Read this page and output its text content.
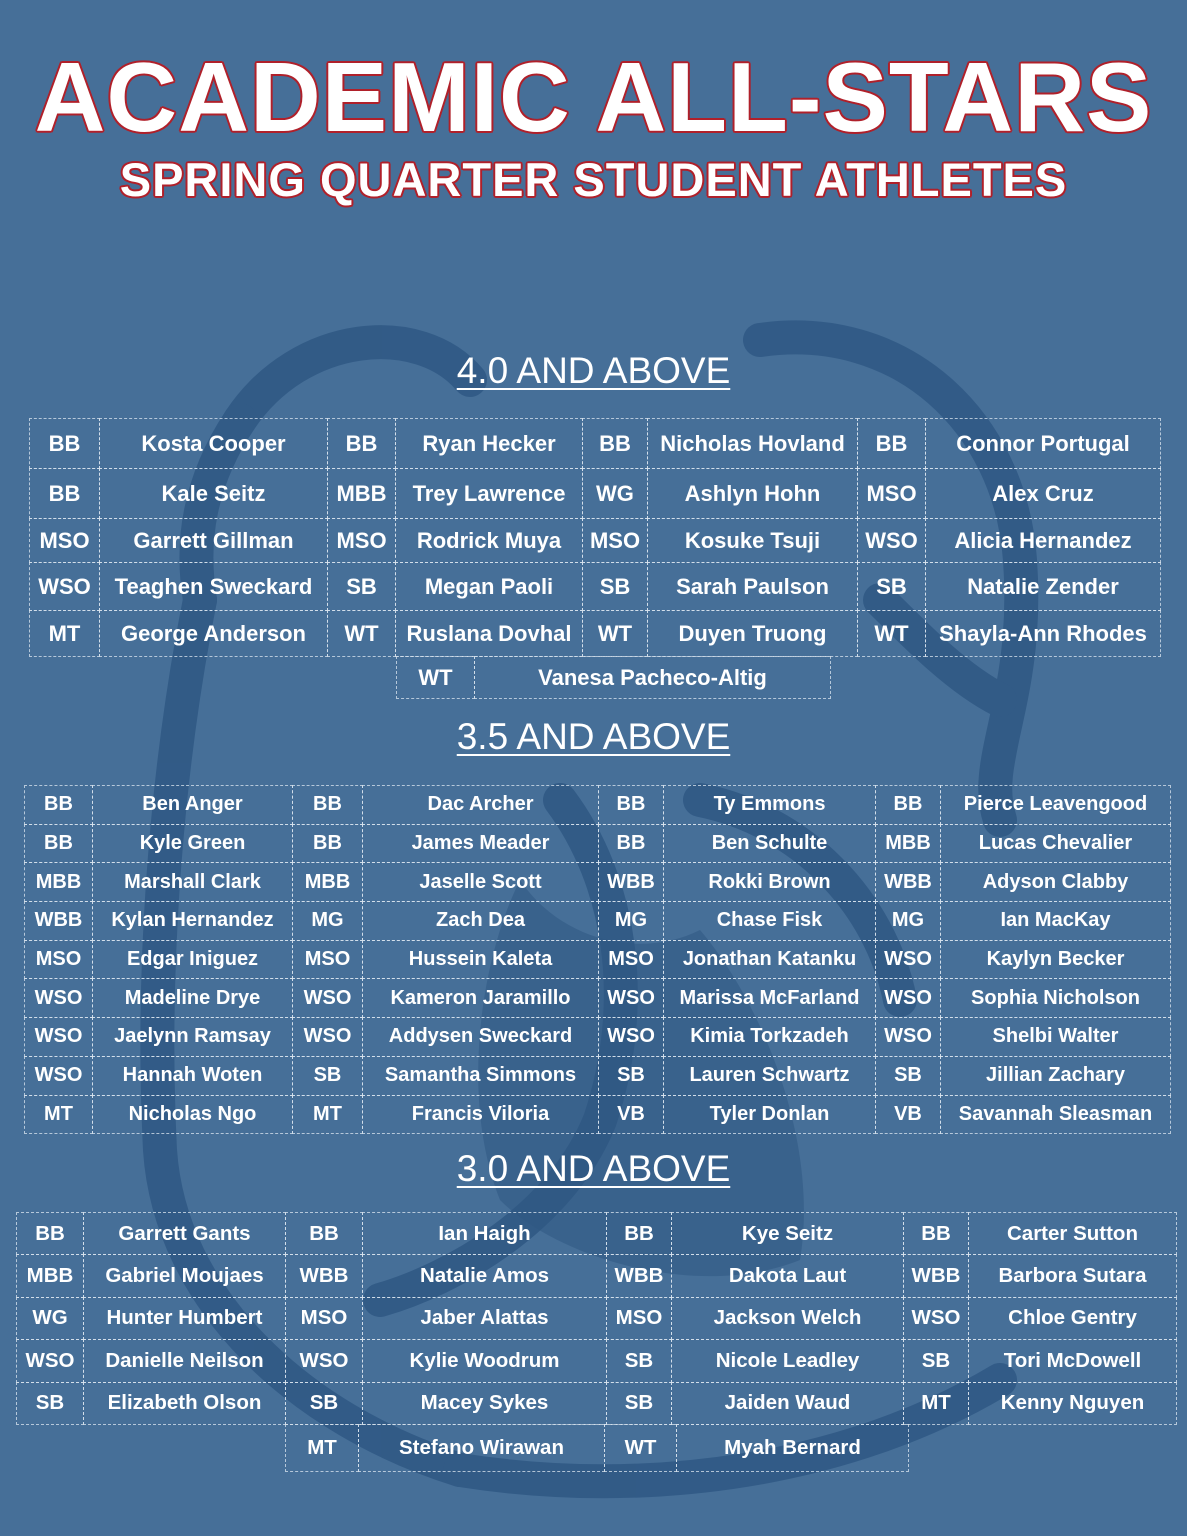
ACADEMIC ALL-STARS
SPRING QUARTER STUDENT ATHLETES
4.0 AND ABOVE
BB	Kosta Cooper	BB	Ryan Hecker	BB	Nicholas Hovland	BB	Connor Portugal
BB	Kale Seitz	MBB	Trey Lawrence	WG	Ashlyn Hohn	MSO	Alex Cruz
MSO	Garrett Gillman	MSO	Rodrick Muya	MSO	Kosuke Tsuji	WSO	Alicia Hernandez
WSO	Teaghen Sweckard	SB	Megan Paoli	SB	Sarah Paulson	SB	Natalie Zender
MT	George Anderson	WT	Ruslana Dovhal	WT	Duyen Truong	WT	Shayla-Ann Rhodes
WT	Vanesa Pacheco-Altig
3.5 AND ABOVE
BB	Ben Anger	BB	Dac Archer	BB	Ty Emmons	BB	Pierce Leavengood
BB	Kyle Green	BB	James Meader	BB	Ben Schulte	MBB	Lucas Chevalier
MBB	Marshall Clark	MBB	Jaselle Scott	WBB	Rokki Brown	WBB	Adyson Clabby
WBB	Kylan Hernandez	MG	Zach Dea	MG	Chase Fisk	MG	Ian MacKay
MSO	Edgar Iniguez	MSO	Hussein Kaleta	MSO	Jonathan Katanku	WSO	Kaylyn Becker
WSO	Madeline Drye	WSO	Kameron Jaramillo	WSO	Marissa McFarland	WSO	Sophia Nicholson
WSO	Jaelynn Ramsay	WSO	Addysen Sweckard	WSO	Kimia Torkzadeh	WSO	Shelbi Walter
WSO	Hannah Woten	SB	Samantha Simmons	SB	Lauren Schwartz	SB	Jillian Zachary
MT	Nicholas Ngo	MT	Francis Viloria	VB	Tyler Donlan	VB	Savannah Sleasman
3.0 AND ABOVE
BB	Garrett Gants	BB	Ian Haigh	BB	Kye Seitz	BB	Carter Sutton
MBB	Gabriel Moujaes	WBB	Natalie Amos	WBB	Dakota Laut	WBB	Barbora Sutara
WG	Hunter Humbert	MSO	Jaber Alattas	MSO	Jackson Welch	WSO	Chloe Gentry
WSO	Danielle Neilson	WSO	Kylie Woodrum	SB	Nicole Leadley	SB	Tori McDowell
SB	Elizabeth Olson	SB	Macey Sykes	SB	Jaiden Waud	MT	Kenny Nguyen
MT	Stefano Wirawan	WT	Myah Bernard
